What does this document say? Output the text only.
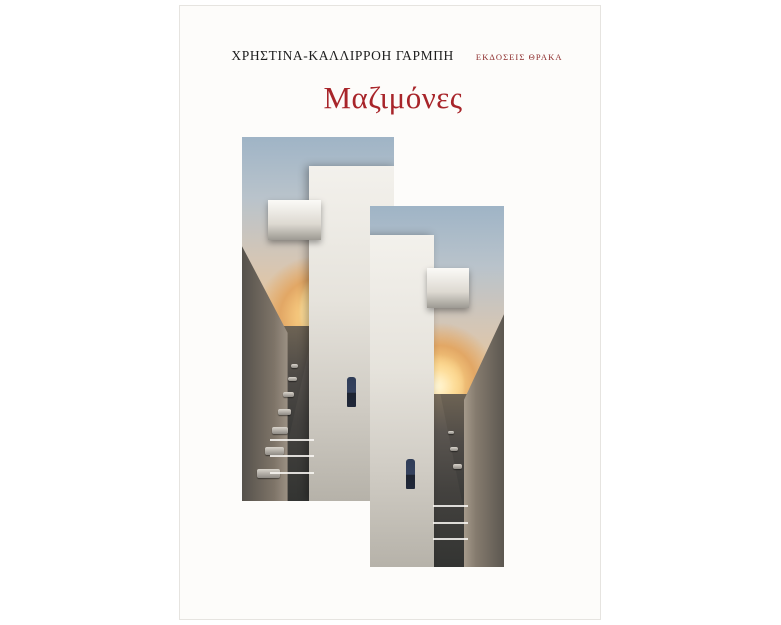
ΧΡΗΣΤΙΝΑ-ΚΑΛΛΙΡΡΟΗ ΓΑΡΜΠΗ	ΕΚΔΟΣΕΙΣ ΘΡΑΚΑ
Μαζιμόνες
